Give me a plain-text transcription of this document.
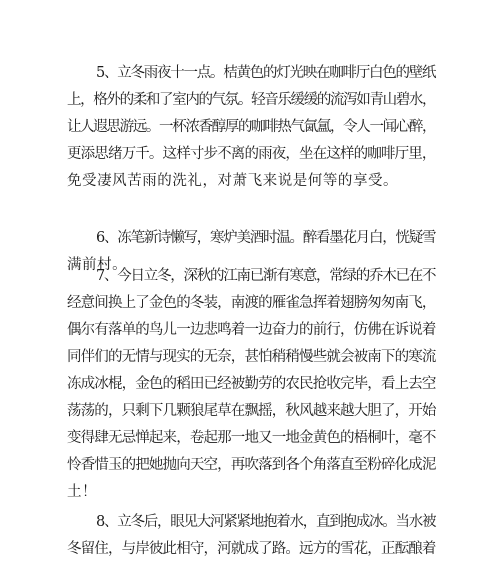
5、立冬雨夜十一点。桔黄色的灯光映在咖啡厅白色的壁纸
上，格外的柔和了室内的气氛。轻音乐缓缓的流泻如青山碧水，
让人遐思游远。一杯浓香醇厚的咖啡热气氤氲，令人一闻心醉，
更添思绪万千。这样寸步不离的雨夜，坐在这样的咖啡厅里，
免受凄风苦雨的洗礼，对萧飞来说是何等的享受。

6、冻笔新诗懒写，寒炉美酒时温。醉看墨花月白，恍疑雪
满前村。

7、今日立冬，深秋的江南已渐有寒意，常绿的乔木已在不
经意间换上了金色的冬装，南渡的雁雀急挥着翅膀匆匆南飞，
偶尔有落单的鸟儿一边悲鸣着一边奋力的前行，仿佛在诉说着
同伴们的无情与现实的无奈，甚怕稍稍慢些就会被南下的寒流
冻成冰棍，金色的稻田已经被勤劳的农民抢收完毕，看上去空
荡荡的，只剩下几颗狼尾草在飘摇，秋风越来越大胆了，开始
变得肆无忌惮起来，卷起那一地又一地金黄色的梧桐叶，毫不
怜香惜玉的把她抛向天空，再吹落到各个角落直至粉碎化成泥
土！

8、立冬后，眼见大河紧紧地抱着水，直到抱成冰。当水被
冬留住，与岸彼此相守，河就成了路。远方的雪花，正酝酿着
